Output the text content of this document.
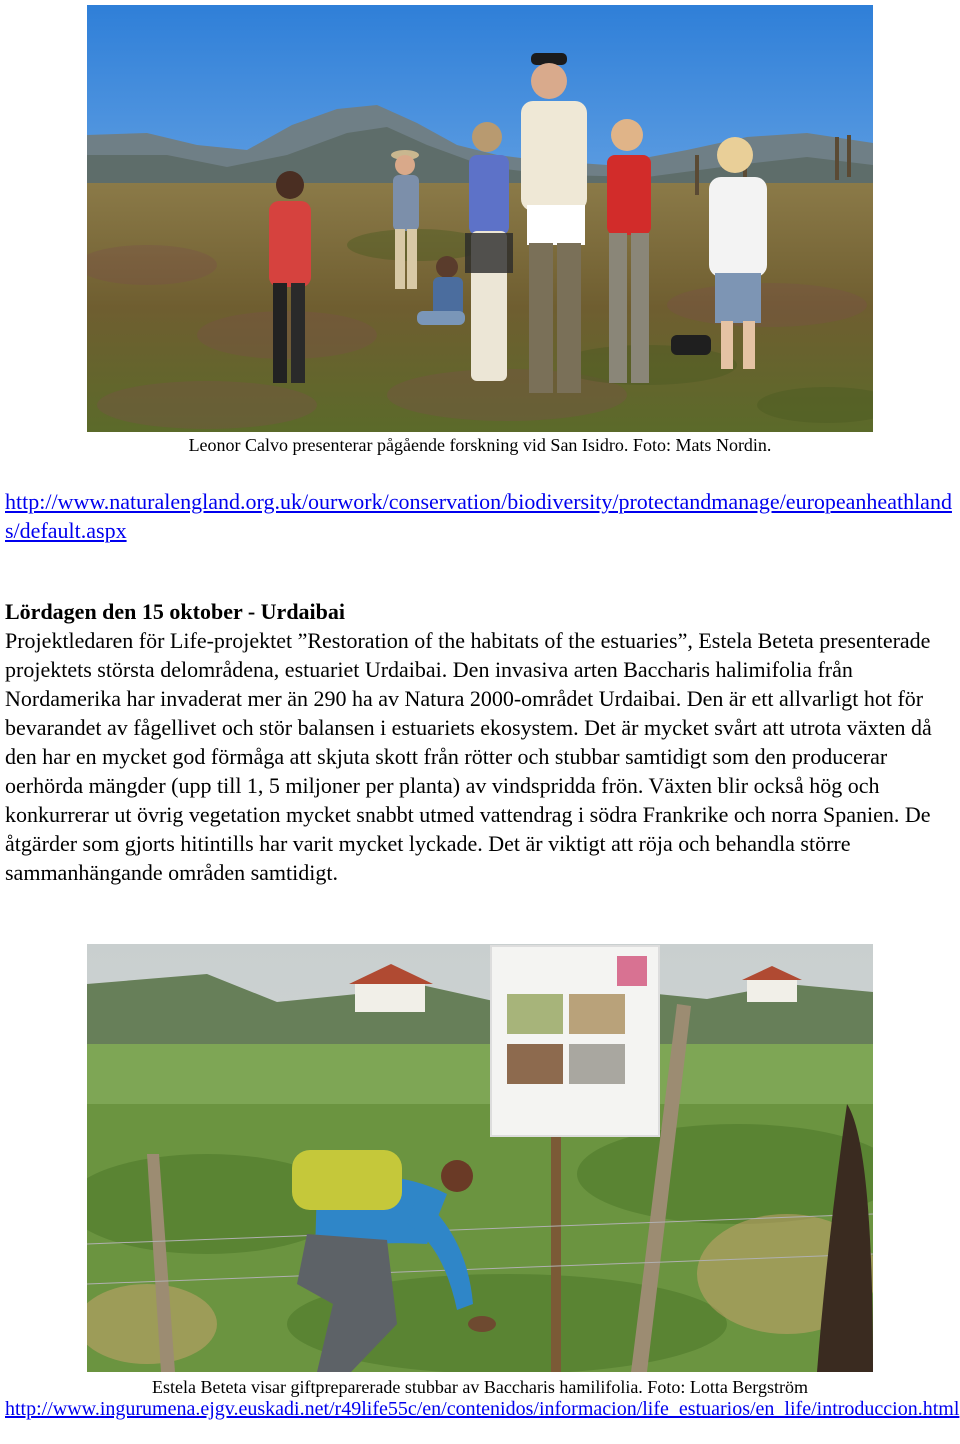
Leonor Calvo presenterar pågående forskning vid San Isidro. Foto: Mats Nordin.
http://www.naturalengland.org.uk/ourwork/conservation/biodiversity/protectandmanage/europeanheathlands/default.aspx
Lördagen den 15 oktober - Urdaibai

Projektledaren för Life-projektet ”Restoration of the habitats of the estuaries”, Estela Beteta presenterade projektets största delområdena, estuariet Urdaibai. Den invasiva arten Baccharis halimifolia från Nordamerika har invaderat mer än 290 ha av Natura 2000-området Urdaibai. Den är ett allvarligt hot för bevarandet av fågellivet och stör balansen i estuariets ekosystem. Det är mycket svårt att utrota växten då den har en mycket god förmåga att skjuta skott från rötter och stubbar samtidigt som den producerar oerhörda mängder (upp till 1, 5 miljoner per planta) av vindspridda frön. Växten blir också hög och konkurrerar ut övrig vegetation mycket snabbt utmed vattendrag i södra Frankrike och norra Spanien. De åtgärder som gjorts hitintills har varit mycket lyckade. Det är viktigt att röja och behandla större sammanhängande områden samtidigt.

Estela Beteta visar giftpreparerade stubbar av Baccharis hamilifolia. Foto: Lotta Bergström
http://www.ingurumena.ejgv.euskadi.net/r49life55c/en/contenidos/informacion/life_estuarios/en_life/introduccion.html
